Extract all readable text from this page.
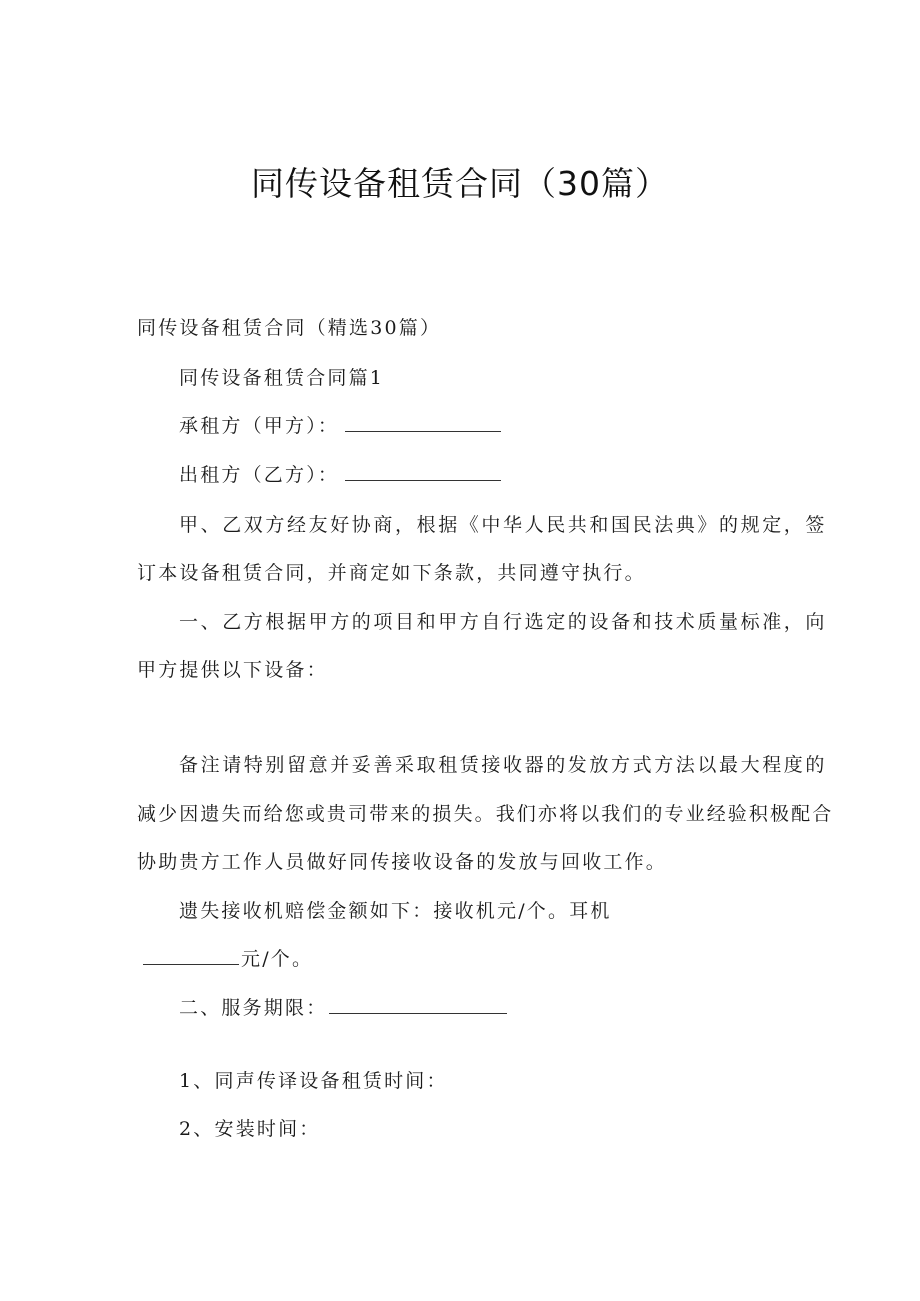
同传设备租赁合同（30篇）
同传设备租赁合同（精选30篇）
同传设备租赁合同篇1
承租方（甲方）：
出租方（乙方）：
甲、乙双方经友好协商，根据《中华人民共和国民法典》的规定，签
订本设备租赁合同，并商定如下条款，共同遵守执行。
一、乙方根据甲方的项目和甲方自行选定的设备和技术质量标准，向
甲方提供以下设备：
备注请特别留意并妥善采取租赁接收器的发放方式方法以最大程度的
减少因遗失而给您或贵司带来的损失。我们亦将以我们的专业经验积极配合
协助贵方工作人员做好同传接收设备的发放与回收工作。
遗失接收机赔偿金额如下：接收机元/个。耳机
元/个。
二、服务期限：
1、同声传译设备租赁时间：
2、安装时间：
